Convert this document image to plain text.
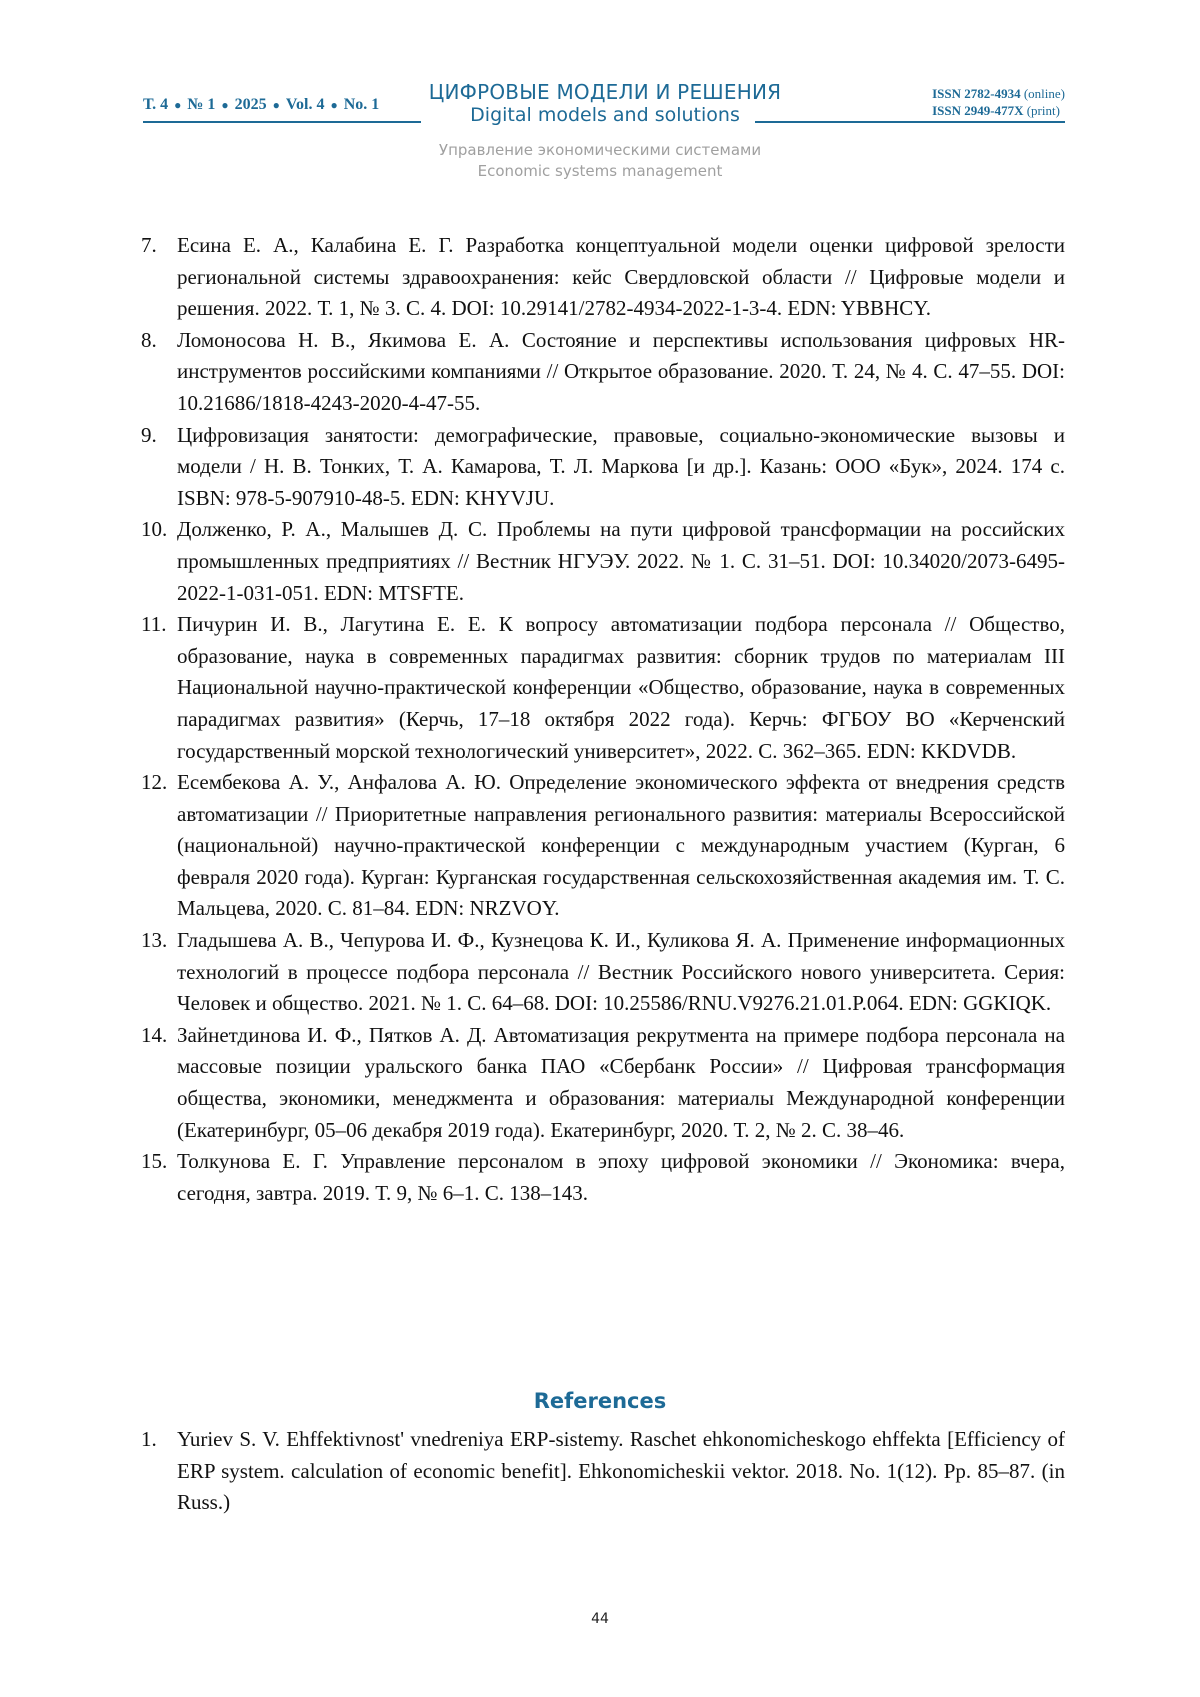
Т. 4 ● № 1 ● 2025 ● Vol. 4 ● No. 1
ЦИФРОВЫЕ МОДЕЛИ И РЕШЕНИЯ
Digital models and solutions
ISSN 2782-4934 (online)
ISSN 2949-477X (print)
Управление экономическими системами
Economic systems management
7. Есина Е. А., Калабина Е. Г. Разработка концептуальной модели оценки цифровой зрелости региональной системы здравоохранения: кейс Свердловской области // Цифровые модели и решения. 2022. Т. 1, № 3. С. 4. DOI: 10.29141/2782-4934-2022-1-3-4. EDN: YBBHCY.
8. Ломоносова Н. В., Якимова Е. А. Состояние и перспективы использования цифровых HR-инструментов российскими компаниями // Открытое образование. 2020. Т. 24, № 4. С. 47–55. DOI: 10.21686/1818-4243-2020-4-47-55.
9. Цифровизация занятости: демографические, правовые, социально-экономические вызовы и модели / Н. В. Тонких, Т. А. Камарова, Т. Л. Маркова [и др.]. Казань: ООО «Бук», 2024. 174 с. ISBN: 978-5-907910-48-5. EDN: KHYVJU.
10. Долженко, Р. А., Малышев Д. С. Проблемы на пути цифровой трансформации на российских промышленных предприятиях // Вестник НГУЭУ. 2022. № 1. С. 31–51. DOI: 10.34020/2073-6495-2022-1-031-051. EDN: MTSFTE.
11. Пичурин И. В., Лагутина Е. Е. К вопросу автоматизации подбора персонала // Общество, образование, наука в современных парадигмах развития: сборник трудов по материалам III Национальной научно-практической конференции «Общество, образование, наука в современных парадигмах развития» (Керчь, 17–18 октября 2022 года). Керчь: ФГБОУ ВО «Керченский государственный морской технологический университет», 2022. С. 362–365. EDN: KKDVDB.
12. Есембекова А. У., Анфалова А. Ю. Определение экономического эффекта от внедрения средств автоматизации // Приоритетные направления регионального развития: материалы Всероссийской (национальной) научно-практической конференции с международным участием (Курган, 6 февраля 2020 года). Курган: Курганская государственная сельскохозяйственная академия им. Т. С. Мальцева, 2020. С. 81–84. EDN: NRZVOY.
13. Гладышева А. В., Чепурова И. Ф., Кузнецова К. И., Куликова Я. А. Применение информационных технологий в процессе подбора персонала // Вестник Российского нового университета. Серия: Человек и общество. 2021. № 1. С. 64–68. DOI: 10.25586/RNU.V9276.21.01.P.064. EDN: GGKIQK.
14. Зайнетдинова И. Ф., Пятков А. Д. Автоматизация рекрутмента на примере подбора персонала на массовые позиции уральского банка ПАО «Сбербанк России» // Цифровая трансформация общества, экономики, менеджмента и образования: материалы Международной конференции (Екатеринбург, 05–06 декабря 2019 года). Екатеринбург, 2020. Т. 2, № 2. С. 38–46.
15. Толкунова Е. Г. Управление персоналом в эпоху цифровой экономики // Экономика: вчера, сегодня, завтра. 2019. Т. 9, № 6–1. С. 138–143.
References
1. Yuriev S. V. Ehffektivnost' vnedreniya ERP-sistemy. Raschet ehkonomicheskogo ehffekta [Efficiency of ERP system. calculation of economic benefit]. Ehkonomicheskii vektor. 2018. No. 1(12). Pp. 85–87. (in Russ.)
44
